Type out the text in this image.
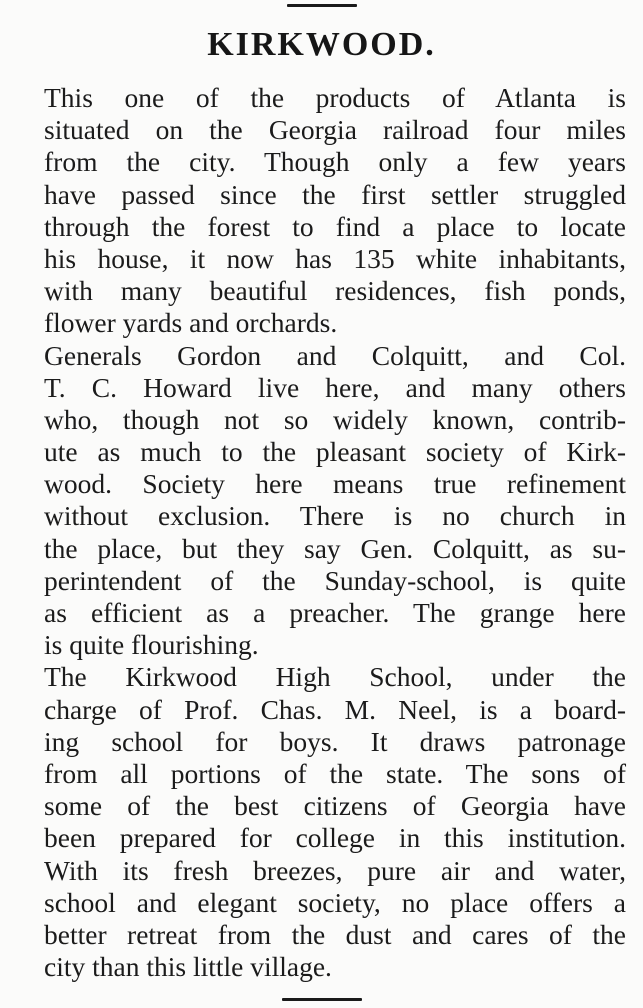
KIRKWOOD.
This one of the products of Atlanta is
situated on the Georgia railroad four miles
from the city. Though only a few years
have passed since the first settler struggled
through the forest to find a place to locate
his house, it now has 135 white inhabitants,
with many beautiful residences, fish ponds,
flower yards and orchards.
Generals Gordon and Colquitt, and Col.
T. C. Howard live here, and many others
who, though not so widely known, contrib-
ute as much to the pleasant society of Kirk-
wood. Society here means true refinement
without exclusion. There is no church in
the place, but they say Gen. Colquitt, as su-
perintendent of the Sunday-school, is quite
as efficient as a preacher. The grange here
is quite flourishing.
The Kirkwood High School, under the
charge of Prof. Chas. M. Neel, is a board-
ing school for boys. It draws patronage
from all portions of the state. The sons of
some of the best citizens of Georgia have
been prepared for college in this institution.
With its fresh breezes, pure air and water,
school and elegant society, no place offers a
better retreat from the dust and cares of the
city than this little village.
